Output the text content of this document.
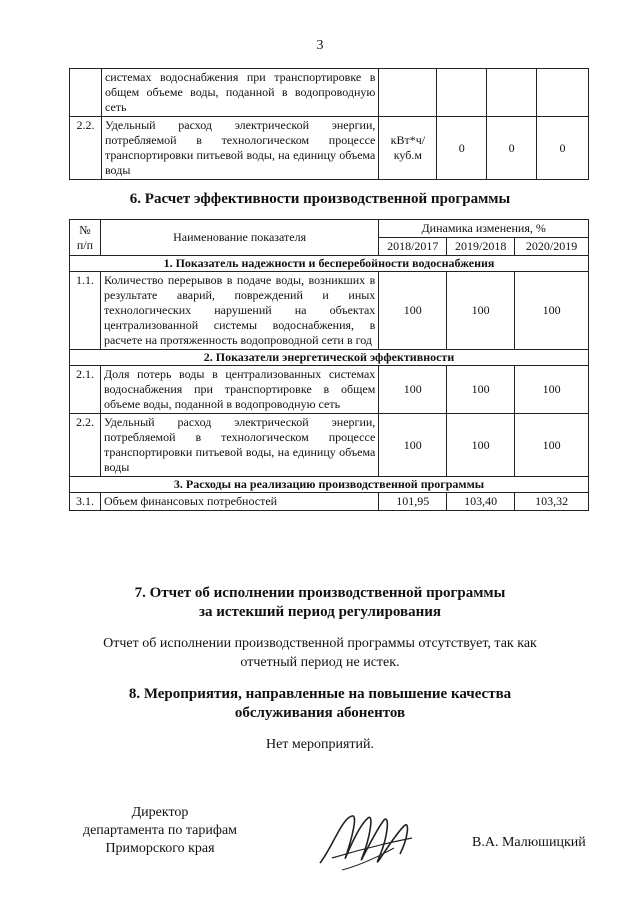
3
	системах водоснабжения при транспортировке в общем объеме воды, поданной в водопроводную сеть				
2.2.	Удельный расход электрической энергии, потребляемой в технологическом процессе транспортировки питьевой воды, на единицу объема воды	кВт*ч/куб.м	0	0	0
6. Расчет эффективности производственной программы
№ п/п	Наименование показателя	Динамика изменения, %		
		2018/2017	2019/2018	2020/2019
1. Показатель надежности и бесперебойности водоснабжения				
1.1.	Количество перерывов в подаче воды, возникших в результате аварий, повреждений и иных технологических нарушений на объектах централизованной системы водоснабжения, в расчете на протяженность водопроводной сети в год	100	100	100
2. Показатели энергетической эффективности				
2.1.	Доля потерь воды в централизованных системах водоснабжения при транспортировке в общем объеме воды, поданной в водопроводную сеть	100	100	100
2.2.	Удельный расход электрической энергии, потребляемой в технологическом процессе транспортировки питьевой воды, на единицу объема воды	100	100	100
3. Расходы на реализацию производственной программы				
3.1.	Объем финансовых потребностей	101,95	103,40	103,32
7. Отчет об исполнении производственной программы
за истекший период регулирования
Отчет об исполнении производственной программы отсутствует, так как
отчетный период не истек.
8. Мероприятия, направленные на повышение качества
обслуживания абонентов
Нет мероприятий.
Директор
департамента по тарифам
Приморского края	В.А. Малюшицкий
